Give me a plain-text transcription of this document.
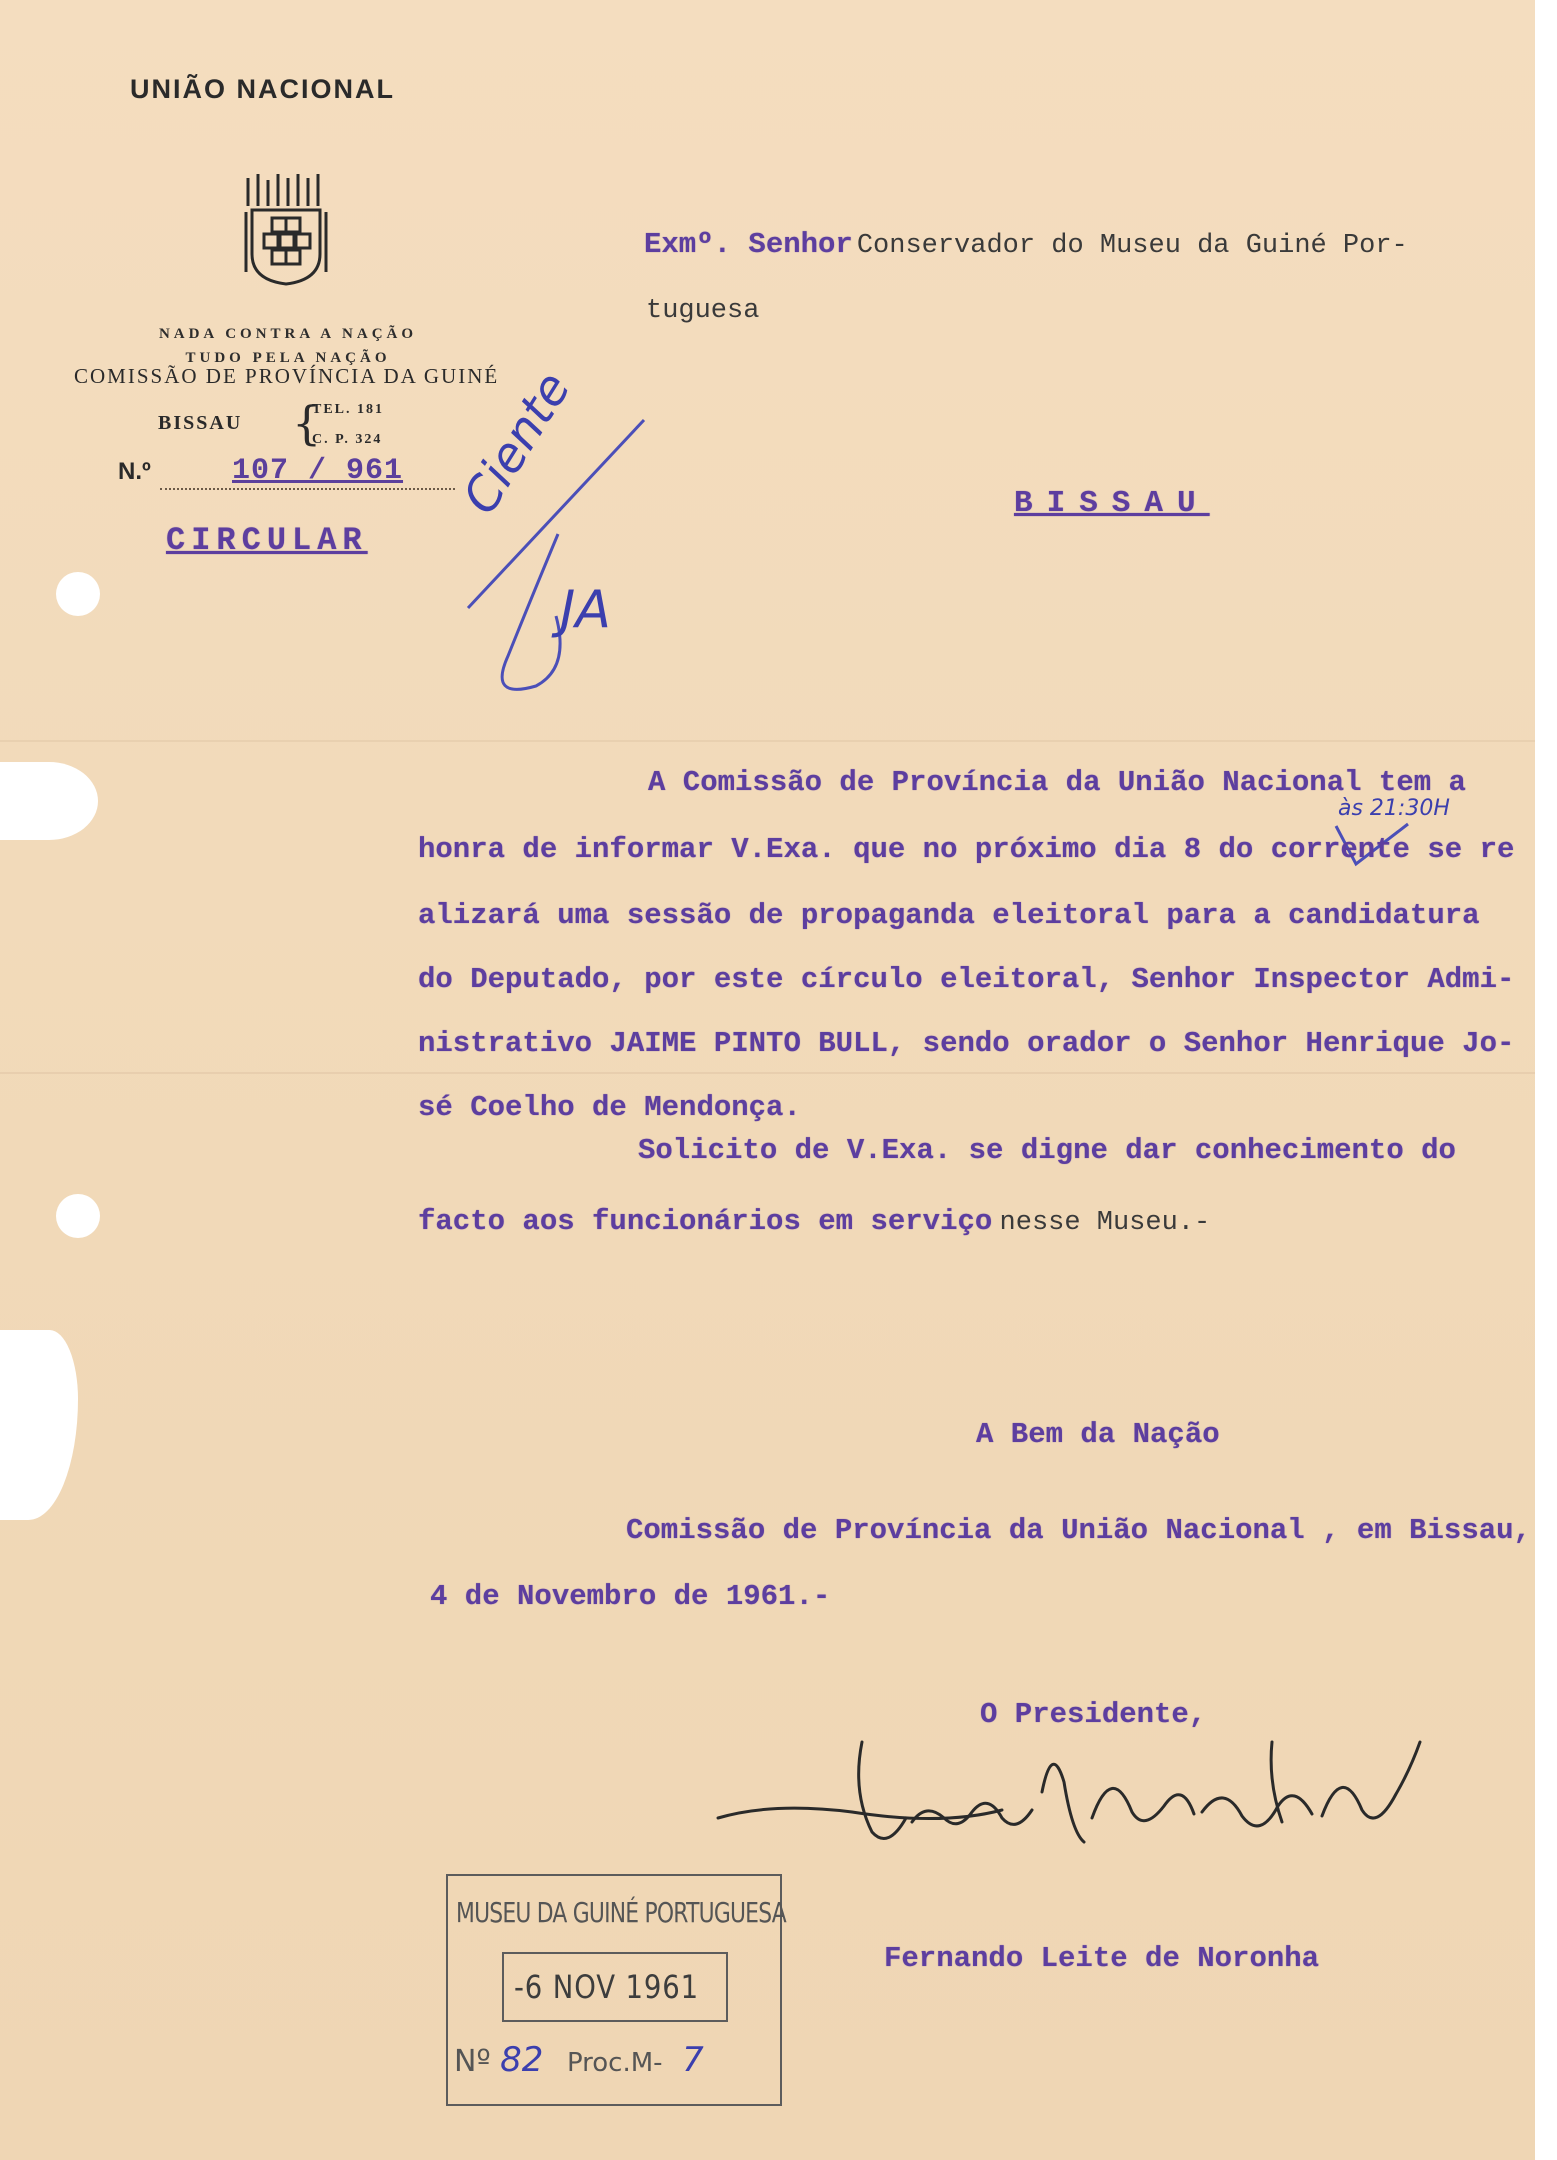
UNIÃO NACIONAL
NADA CONTRA A NAÇÃO
TUDO PELA NAÇÃO
COMISSÃO DE PROVÍNCIA DA GUINÉ
BISSAU {
TEL. 181
C. P. 324
N.º	107 / 961
CIRCULAR
Exmº. Senhor Conservador do Museu da Guiné Por-
tuguesa
BISSAU
Ciente
JA
A Comissão de Província da União Nacional tem a
às 21:30H
honra de informar V.Exa. que no próximo dia 8 do corrente se re
alizará uma sessão de propaganda eleitoral para a candidatura
do Deputado, por este círculo eleitoral, Senhor Inspector Admi-
nistrativo JAIME PINTO BULL, sendo orador o Senhor Henrique Jo-
sé Coelho de Mendonça.
Solicito de V.Exa. se digne dar conhecimento do
facto aos funcionários em serviço nesse Museu.-
A Bem da Nação
Comissão de Província da União Nacional , em Bissau,
4 de Novembro de 1961.-
O Presidente,
Fernando Leite de Noronha
MUSEU DA GUINÉ PORTUGUESA
-6 NOV 1961
Nº 82 Proc.M- 7
